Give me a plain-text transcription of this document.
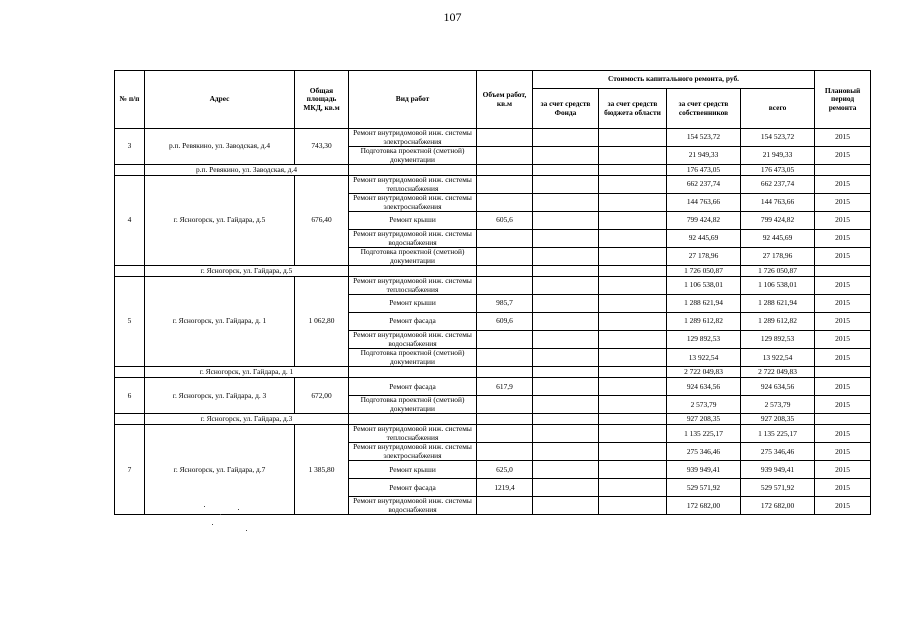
107
№ п/п	Адрес	Общая площадь МКД, кв.м	Вид работ	Объем работ, кв.м	Стоимость капитального ремонта, руб.				Плановый период ремонта
					за счет средств Фонда	за счет средств бюджета области	за счет средств собственников	всего	
3	р.п. Ревякино, ул. Заводская, д.4	743,30	Ремонт внутридомовой инж. системы электроснабжения				154 523,72	154 523,72	2015
			Подготовка проектной (сметной) документации				21 949,33	21 949,33	2015
	р.п. Ревякино, ул. Заводская, д.4						176 473,05	176 473,05	
4	г. Ясногорск, ул. Гайдара, д.5	676,40	Ремонт внутридомовой инж. системы теплоснабжения				662 237,74	662 237,74	2015
			Ремонт внутридомовой инж. системы электроснабжения				144 763,66	144 763,66	2015
			Ремонт крыши	605,6			799 424,82	799 424,82	2015
			Ремонт внутридомовой инж. системы водоснабжения				92 445,69	92 445,69	2015
			Подготовка проектной (сметной) документации				27 178,96	27 178,96	2015
	г. Ясногорск, ул. Гайдара, д.5						1 726 050,87	1 726 050,87	
5	г. Ясногорск, ул. Гайдара, д. 1	1 062,80	Ремонт внутридомовой инж. системы теплоснабжения				1 106 538,01	1 106 538,01	2015
			Ремонт крыши	985,7			1 288 621,94	1 288 621,94	2015
			Ремонт фасада	609,6			1 289 612,82	1 289 612,82	2015
			Ремонт внутридомовой инж. системы водоснабжения				129 892,53	129 892,53	2015
			Подготовка проектной (сметной) документации				13 922,54	13 922,54	2015
	г. Ясногорск, ул. Гайдара, д. 1						2 722 049,83	2 722 049,83	
6	г. Ясногорск, ул. Гайдара, д. 3	672,00	Ремонт фасада	617,9			924 634,56	924 634,56	2015
			Подготовка проектной (сметной) документации				2 573,79	2 573,79	2015
	г. Ясногорск, ул. Гайдара, д.3						927 208,35	927 208,35	
7	г. Ясногорск, ул. Гайдара, д.7	1 385,80	Ремонт внутридомовой инж. системы теплоснабжения				1 135 225,17	1 135 225,17	2015
			Ремонт внутридомовой инж. системы электроснабжения				275 346,46	275 346,46	2015
			Ремонт крыши	625,0			939 949,41	939 949,41	2015
			Ремонт фасада	1219,4			529 571,92	529 571,92	2015
			Ремонт внутридомовой инж. системы водоснабжения				172 682,00	172 682,00	2015
